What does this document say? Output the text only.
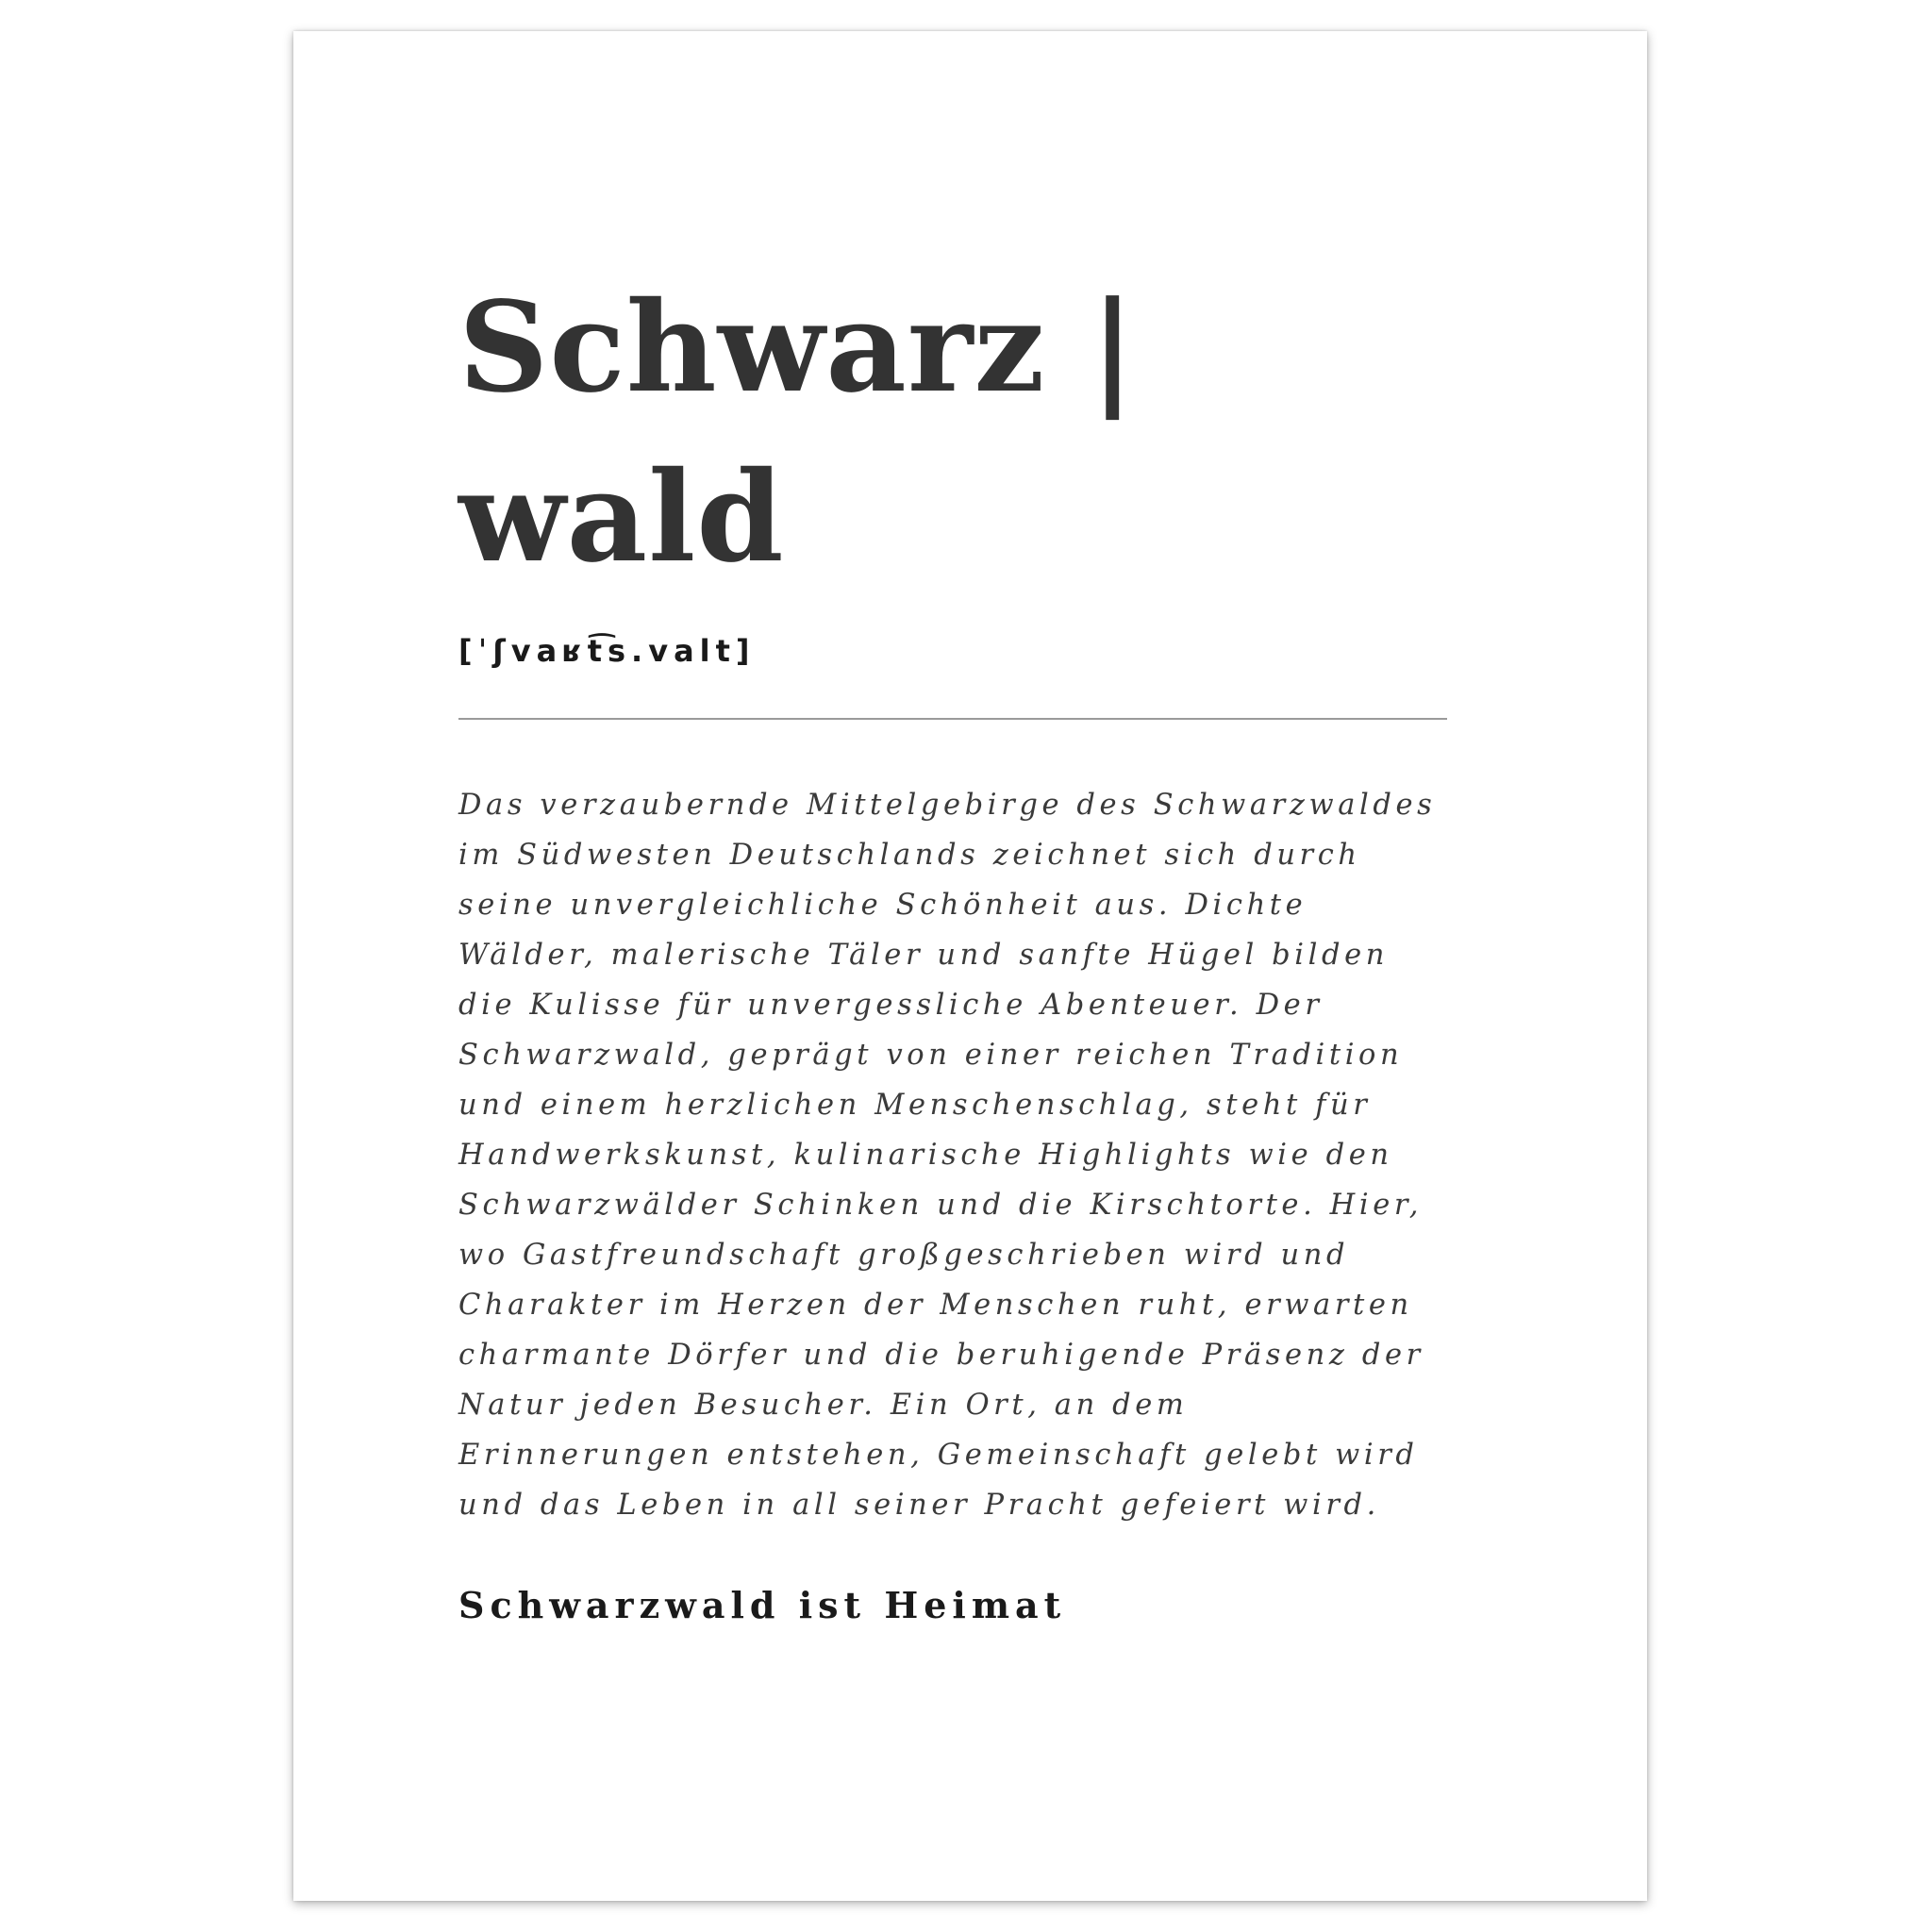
Schwarz |
wald
[ˈʃvaʁt͡s.valt]
Das verzaubernde Mittelgebirge des Schwarzwaldes
im Südwesten Deutschlands zeichnet sich durch
seine unvergleichliche Schönheit aus. Dichte
Wälder, malerische Täler und sanfte Hügel bilden
die Kulisse für unvergessliche Abenteuer. Der
Schwarzwald, geprägt von einer reichen Tradition
und einem herzlichen Menschenschlag, steht für
Handwerkskunst, kulinarische Highlights wie den
Schwarzwälder Schinken und die Kirschtorte. Hier,
wo Gastfreundschaft großgeschrieben wird und
Charakter im Herzen der Menschen ruht, erwarten
charmante Dörfer und die beruhigende Präsenz der
Natur jeden Besucher. Ein Ort, an dem
Erinnerungen entstehen, Gemeinschaft gelebt wird
und das Leben in all seiner Pracht gefeiert wird.
Schwarzwald ist Heimat
